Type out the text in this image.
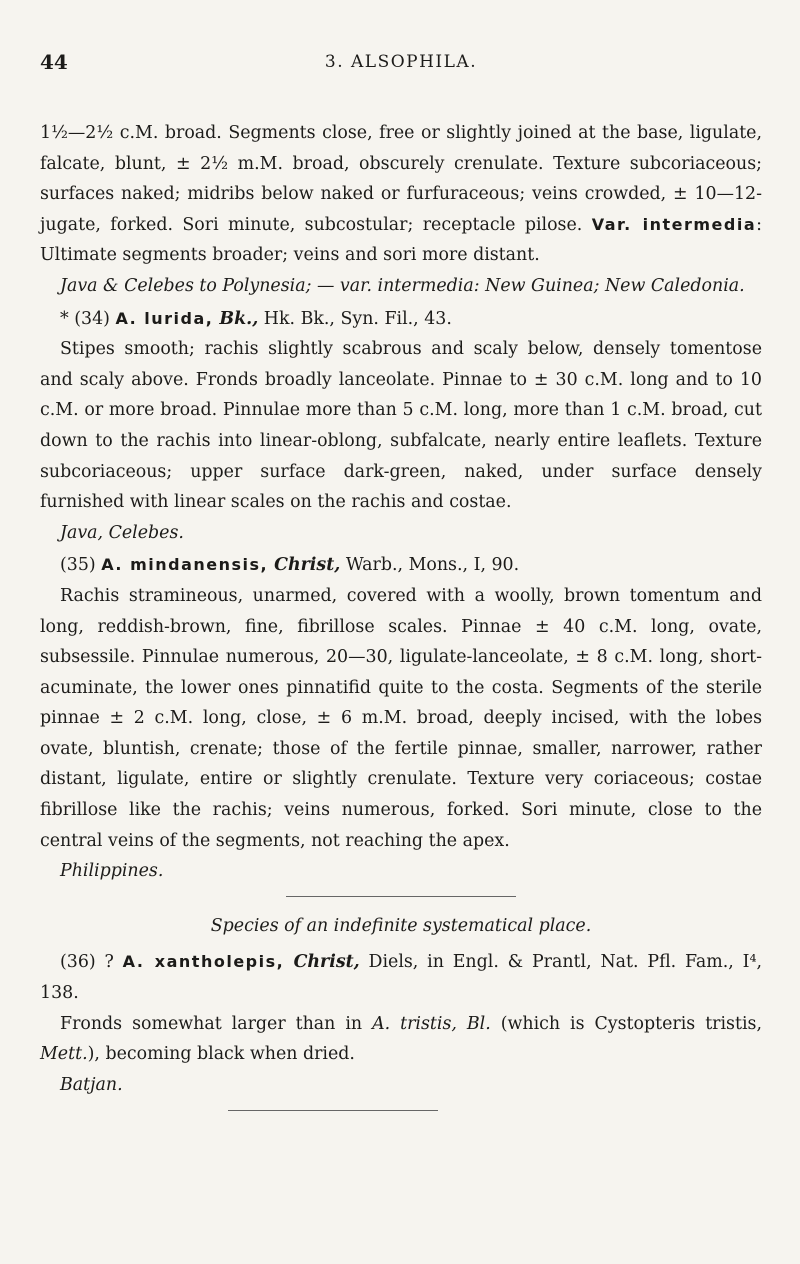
44	3. ALSOPHILA.

1½—2½ c.M. broad. Segments close, free or slightly joined at the base, ligulate, falcate, blunt, ± 2½ m.M. broad, obscurely crenulate. Texture subcoriaceous; surfaces naked; midribs below naked or furfuraceous; veins crowded, ± 10—12-jugate, forked. Sori minute, subcostular; receptacle pilose. Var. intermedia: Ultimate segments broader; veins and sori more distant.

Java & Celebes to Polynesia; — var. intermedia: New Guinea; New Caledonia.

* (34) A. lurida, Bk., Hk. Bk., Syn. Fil., 43.

Stipes smooth; rachis slightly scabrous and scaly below, densely tomentose and scaly above. Fronds broadly lanceolate. Pinnae to ± 30 c.M. long and to 10 c.M. or more broad. Pinnulae more than 5 c.M. long, more than 1 c.M. broad, cut down to the rachis into linear-oblong, subfalcate, nearly entire leaflets. Texture subcoriaceous; upper surface dark-green, naked, under surface densely furnished with linear scales on the rachis and costae.

Java, Celebes.

(35) A. mindanensis, Christ, Warb., Mons., I, 90.

Rachis stramineous, unarmed, covered with a woolly, brown tomentum and long, reddish-brown, fine, fibrillose scales. Pinnae ± 40 c.M. long, ovate, subsessile. Pinnulae numerous, 20—30, ligulate-lanceolate, ± 8 c.M. long, short-acuminate, the lower ones pinnatifid quite to the costa. Segments of the sterile pinnae ± 2 c.M. long, close, ± 6 m.M. broad, deeply incised, with the lobes ovate, bluntish, crenate; those of the fertile pinnae, smaller, narrower, rather distant, ligulate, entire or slightly crenulate. Texture very coriaceous; costae fibrillose like the rachis; veins numerous, forked. Sori minute, close to the central veins of the segments, not reaching the apex.

Philippines.

Species of an indefinite systematical place.

(36) ? A. xantholepis, Christ, Diels, in Engl. & Prantl, Nat. Pfl. Fam., I⁴, 138.

Fronds somewhat larger than in A. tristis, Bl. (which is Cystopteris tristis, Mett.), becoming black when dried.

Batjan.
